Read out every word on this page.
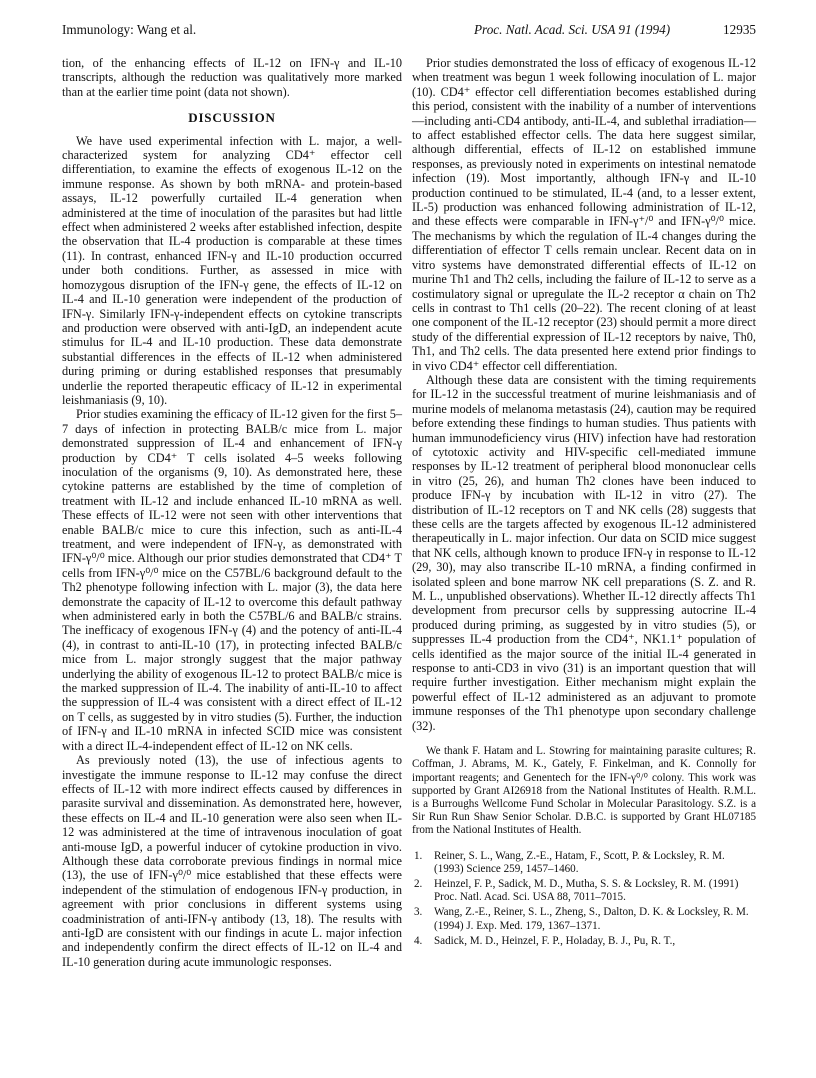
Immunology: Wang et al.	Proc. Natl. Acad. Sci. USA 91 (1994)	12935

tion, of the enhancing effects of IL-12 on IFN-γ and IL-10 transcripts, although the reduction was qualitatively more marked than at the earlier time point (data not shown).

DISCUSSION

We have used experimental infection with L. major, a well-characterized system for analyzing CD4⁺ effector cell differentiation, to examine the effects of exogenous IL-12 on the immune response. As shown by both mRNA- and protein-based assays, IL-12 powerfully curtailed IL-4 generation when administered at the time of inoculation of the parasites but had little effect when administered 2 weeks after established infection, despite the observation that IL-4 production is comparable at these times (11). In contrast, enhanced IFN-γ and IL-10 production occurred under both conditions. Further, as assessed in mice with homozygous disruption of the IFN-γ gene, the effects of IL-12 on IL-4 and IL-10 generation were independent of the production of IFN-γ. Similarly IFN-γ-independent effects on cytokine transcripts and production were observed with anti-IgD, an independent acute stimulus for IL-4 and IL-10 production. These data demonstrate substantial differences in the effects of IL-12 when administered during priming or during established responses that presumably underlie the reported therapeutic efficacy of IL-12 in experimental leishmaniasis (9, 10).

Prior studies examining the efficacy of IL-12 given for the first 5–7 days of infection in protecting BALB/c mice from L. major demonstrated suppression of IL-4 and enhancement of IFN-γ production by CD4⁺ T cells isolated 4–5 weeks following inoculation of the organisms (9, 10). As demonstrated here, these cytokine patterns are established by the time of completion of treatment with IL-12 and include enhanced IL-10 mRNA as well. These effects of IL-12 were not seen with other interventions that enable BALB/c mice to cure this infection, such as anti-IL-4 treatment, and were independent of IFN-γ, as demonstrated with IFN-γ⁰/⁰ mice. Although our prior studies demonstrated that CD4⁺ T cells from IFN-γ⁰/⁰ mice on the C57BL/6 background default to the Th2 phenotype following infection with L. major (3), the data here demonstrate the capacity of IL-12 to overcome this default pathway when administered early in both the C57BL/6 and BALB/c strains. The inefficacy of exogenous IFN-γ (4) and the potency of anti-IL-4 (4), in contrast to anti-IL-10 (17), in protecting infected BALB/c mice from L. major strongly suggest that the major pathway underlying the ability of exogenous IL-12 to protect BALB/c mice is the marked suppression of IL-4. The inability of anti-IL-10 to affect the suppression of IL-4 was consistent with a direct effect of IL-12 on T cells, as suggested by in vitro studies (5). Further, the induction of IFN-γ and IL-10 mRNA in infected SCID mice was consistent with a direct IL-4-independent effect of IL-12 on NK cells.

As previously noted (13), the use of infectious agents to investigate the immune response to IL-12 may confuse the direct effects of IL-12 with more indirect effects caused by differences in parasite survival and dissemination. As demonstrated here, however, these effects on IL-4 and IL-10 generation were also seen when IL-12 was administered at the time of intravenous inoculation of goat anti-mouse IgD, a powerful inducer of cytokine production in vivo. Although these data corroborate previous findings in normal mice (13), the use of IFN-γ⁰/⁰ mice established that these effects were independent of the stimulation of endogenous IFN-γ production, in agreement with prior conclusions in different systems using coadministration of anti-IFN-γ antibody (13, 18). The results with anti-IgD are consistent with our findings in acute L. major infection and independently confirm the direct effects of IL-12 on IL-4 and IL-10 generation during acute immunologic responses.

Prior studies demonstrated the loss of efficacy of exogenous IL-12 when treatment was begun 1 week following inoculation of L. major (10). CD4⁺ effector cell differentiation becomes established during this period, consistent with the inability of a number of interventions—including anti-CD4 antibody, anti-IL-4, and sublethal irradiation—to affect established effector cells. The data here suggest similar, although differential, effects of IL-12 on established immune responses, as previously noted in experiments on intestinal nematode infection (19). Most importantly, although IFN-γ and IL-10 production continued to be stimulated, IL-4 (and, to a lesser extent, IL-5) production was enhanced following administration of IL-12, and these effects were comparable in IFN-γ⁺/⁰ and IFN-γ⁰/⁰ mice. The mechanisms by which the regulation of IL-4 changes during the differentiation of effector T cells remain unclear. Recent data on in vitro systems have demonstrated differential effects of IL-12 on murine Th1 and Th2 cells, including the failure of IL-12 to serve as a costimulatory signal or upregulate the IL-2 receptor α chain on Th2 cells in contrast to Th1 cells (20–22). The recent cloning of at least one component of the IL-12 receptor (23) should permit a more direct study of the differential expression of IL-12 receptors by naive, Th0, Th1, and Th2 cells. The data presented here extend prior findings to in vivo CD4⁺ effector cell differentiation.

Although these data are consistent with the timing requirements for IL-12 in the successful treatment of murine leishmaniasis and of murine models of melanoma metastasis (24), caution may be required before extending these findings to human studies. Thus patients with human immunodeficiency virus (HIV) infection have had restoration of cytotoxic activity and HIV-specific cell-mediated immune responses by IL-12 treatment of peripheral blood mononuclear cells in vitro (25, 26), and human Th2 clones have been induced to produce IFN-γ by incubation with IL-12 in vitro (27). The distribution of IL-12 receptors on T and NK cells (28) suggests that these cells are the targets affected by exogenous IL-12 administered therapeutically in L. major infection. Our data on SCID mice suggest that NK cells, although known to produce IFN-γ in response to IL-12 (29, 30), may also transcribe IL-10 mRNA, a finding confirmed in isolated spleen and bone marrow NK cell preparations (S. Z. and R. M. L., unpublished observations). Whether IL-12 directly affects Th1 development from precursor cells by suppressing autocrine IL-4 produced during priming, as suggested by in vitro studies (5), or suppresses IL-4 production from the CD4⁺, NK1.1⁺ population of cells identified as the major source of the initial IL-4 generated in response to anti-CD3 in vivo (31) is an important question that will require further investigation. Either mechanism might explain the powerful effect of IL-12 administered as an adjuvant to promote immune responses of the Th1 phenotype upon secondary challenge (32).

We thank F. Hatam and L. Stowring for maintaining parasite cultures; R. Coffman, J. Abrams, M. K., Gately, F. Finkelman, and K. Connolly for important reagents; and Genentech for the IFN-γ⁰/⁰ colony. This work was supported by Grant AI26918 from the National Institutes of Health. R.M.L. is a Burroughs Wellcome Fund Scholar in Molecular Parasitology. S.Z. is a Sir Run Run Shaw Senior Scholar. D.B.C. is supported by Grant HL07185 from the National Institutes of Health.

1. Reiner, S. L., Wang, Z.-E., Hatam, F., Scott, P. & Locksley, R. M. (1993) Science 259, 1457–1460.
2. Heinzel, F. P., Sadick, M. D., Mutha, S. S. & Locksley, R. M. (1991) Proc. Natl. Acad. Sci. USA 88, 7011–7015.
3. Wang, Z.-E., Reiner, S. L., Zheng, S., Dalton, D. K. & Locksley, R. M. (1994) J. Exp. Med. 179, 1367–1371.
4. Sadick, M. D., Heinzel, F. P., Holaday, B. J., Pu, R. T.,
